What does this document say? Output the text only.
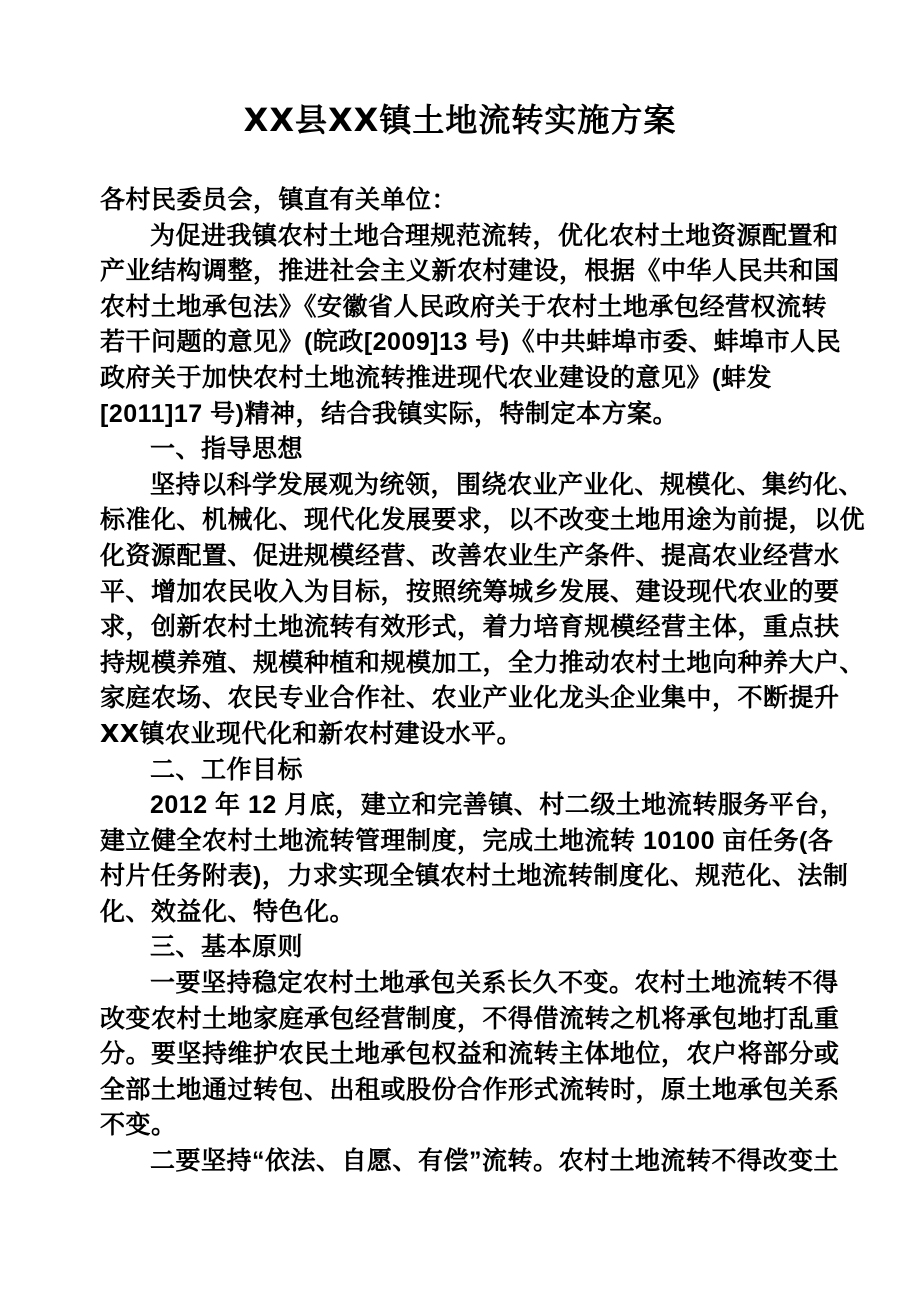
ⅩⅩ县ⅩⅩ镇土地流转实施方案
各村民委员会，镇直有关单位：
为促进我镇农村土地合理规范流转，优化农村土地资源配置和
产业结构调整，推进社会主义新农村建设，根据《中华人民共和国
农村土地承包法》《安徽省人民政府关于农村土地承包经营权流转
若干问题的意见》(皖政[2009]13 号)《中共蚌埠市委、蚌埠市人民
政府关于加快农村土地流转推进现代农业建设的意见》(蚌发
[2011]17 号)精神，结合我镇实际，特制定本方案。
一、指导思想
坚持以科学发展观为统领，围绕农业产业化、规模化、集约化、
标准化、机械化、现代化发展要求，以不改变土地用途为前提，以优
化资源配置、促进规模经营、改善农业生产条件、提高农业经营水
平、增加农民收入为目标，按照统筹城乡发展、建设现代农业的要
求，创新农村土地流转有效形式，着力培育规模经营主体，重点扶
持规模养殖、规模种植和规模加工，全力推动农村土地向种养大户、
家庭农场、农民专业合作社、农业产业化龙头企业集中，不断提升
ⅩⅩ镇农业现代化和新农村建设水平。
二、工作目标
2012 年 12 月底，建立和完善镇、村二级土地流转服务平台，
建立健全农村土地流转管理制度，完成土地流转 10100 亩任务(各
村片任务附表)，力求实现全镇农村土地流转制度化、规范化、法制
化、效益化、特色化。
三、基本原则
一要坚持稳定农村土地承包关系长久不变。农村土地流转不得
改变农村土地家庭承包经营制度，不得借流转之机将承包地打乱重
分。要坚持维护农民土地承包权益和流转主体地位，农户将部分或
全部土地通过转包、出租或股份合作形式流转时，原土地承包关系
不变。
二要坚持“依法、自愿、有偿”流转。农村土地流转不得改变土
